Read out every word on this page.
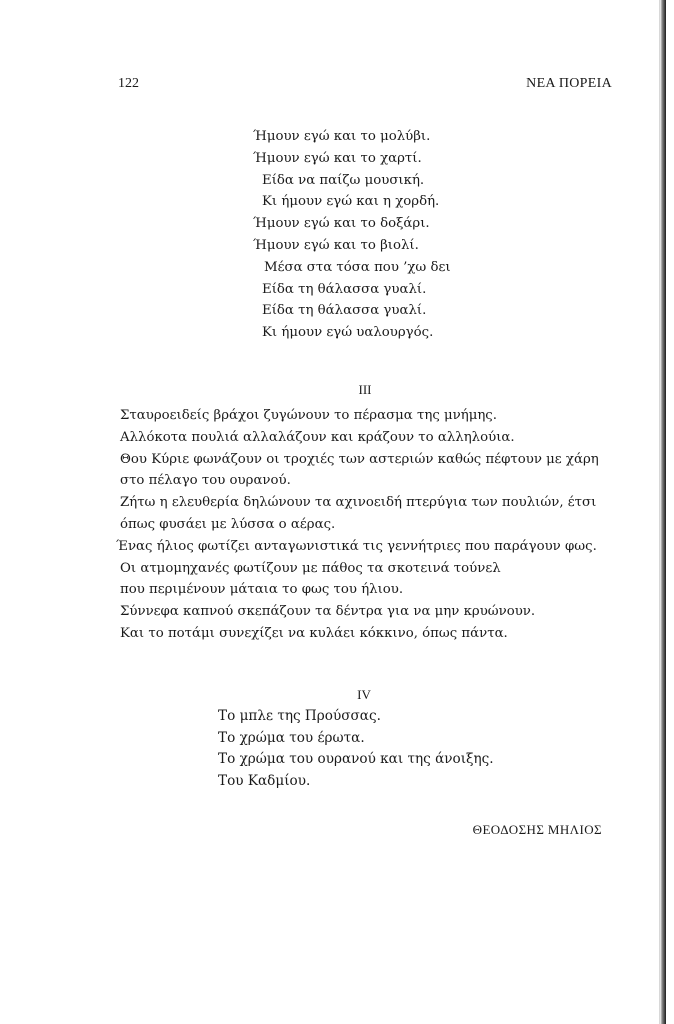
122	ΝΕΑ ΠΟΡΕΙΑ
Ήμουν εγώ και το μολύβι.
Ήμουν εγώ και το χαρτί.
Είδα να παίζω μουσική.
Κι ήμουν εγώ και η χορδή.
Ήμουν εγώ και το δοξάρι.
Ήμουν εγώ και το βιολί.
Μέσα στα τόσα που ’χω δει
Είδα τη θάλασσα γυαλί.
Είδα τη θάλασσα γυαλί.
Κι ήμουν εγώ υαλουργός.
III
Σταυροειδείς βράχοι ζυγώνουν το πέρασμα της μνήμης.
Αλλόκοτα πουλιά αλλαλάζουν και κράζουν το αλληλούια.
Θου Κύριε φωνάζουν οι τροχιές των αστεριών καθώς πέφτουν με χάρη
στο πέλαγο του ουρανού.
Ζήτω η ελευθερία δηλώνουν τα αχινοειδή πτερύγια των πουλιών, έτσι
όπως φυσάει με λύσσα ο αέρας.
Ένας ήλιος φωτίζει ανταγωνιστικά τις γεννήτριες που παράγουν φως.
Οι ατμομηχανές φωτίζουν με πάθος τα σκοτεινά τούνελ
που περιμένουν μάταια το φως του ήλιου.
Σύννεφα καπνού σκεπάζουν τα δέντρα για να μην κρυώνουν.
Και το ποτάμι συνεχίζει να κυλάει κόκκινο, όπως πάντα.
IV
Το μπλε της Προύσσας.
Το χρώμα του έρωτα.
Το χρώμα του ουρανού και της άνοιξης.
Του Καδμίου.
ΘΕΟΔΟΣΗΣ ΜΗΛΙΟΣ
